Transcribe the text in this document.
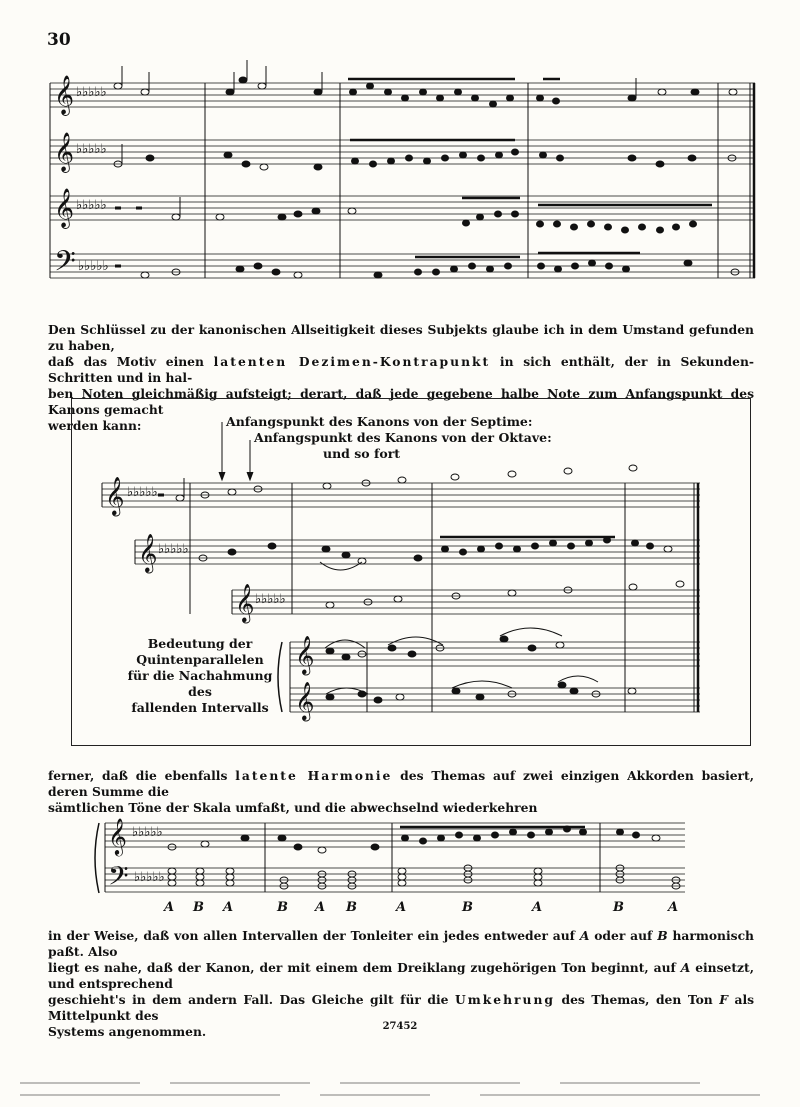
30
𝄞
𝄞
𝄞
𝄢
♭♭♭♭♭
♭♭♭♭♭
♭♭♭♭♭
♭♭♭♭♭

Den Schlüssel zu der kanonischen Allseitigkeit dieses Subjekts glaube ich in dem Umstand gefunden zu haben,

daß das Motiv einen latenten Dezimen-Kontrapunkt in sich enthält, der in Sekunden-Schritten und in hal-

ben Noten gleichmäßig aufsteigt; derart, daß jede gegebene halbe Note zum Anfangspunkt des Kanons gemacht

werden kann:

𝄞
𝄞
𝄞
𝄞
𝄞
♭♭♭♭♭
♭♭♭♭♭
♭♭♭♭♭
Anfangspunkt des Kanons von der Septime:
Anfangspunkt des Kanons von der Oktave:
und so fort
Bedeutung der
Quintenparallelen
für die Nachahmung des
fallenden Intervalls

ferner, daß die ebenfalls latente Harmonie des Themas auf zwei einzigen Akkorden basiert, deren Summe die

sämtlichen Töne der Skala umfaßt, und die abwechselnd wiederkehren

𝄞
𝄢
♭♭♭♭♭
♭♭♭♭♭
A B A	B A B	A	B	A	B	A

in der Weise, daß von allen Intervallen der Tonleiter ein jedes entweder auf A oder auf B harmonisch paßt. Also

liegt es nahe, daß der Kanon, der mit einem dem Dreiklang zugehörigen Ton beginnt, auf A einsetzt, und entsprechend

geschieht's in dem andern Fall. Das Gleiche gilt für die Umkehrung des Themas, den Ton F als Mittelpunkt des

Systems angenommen.	27452
